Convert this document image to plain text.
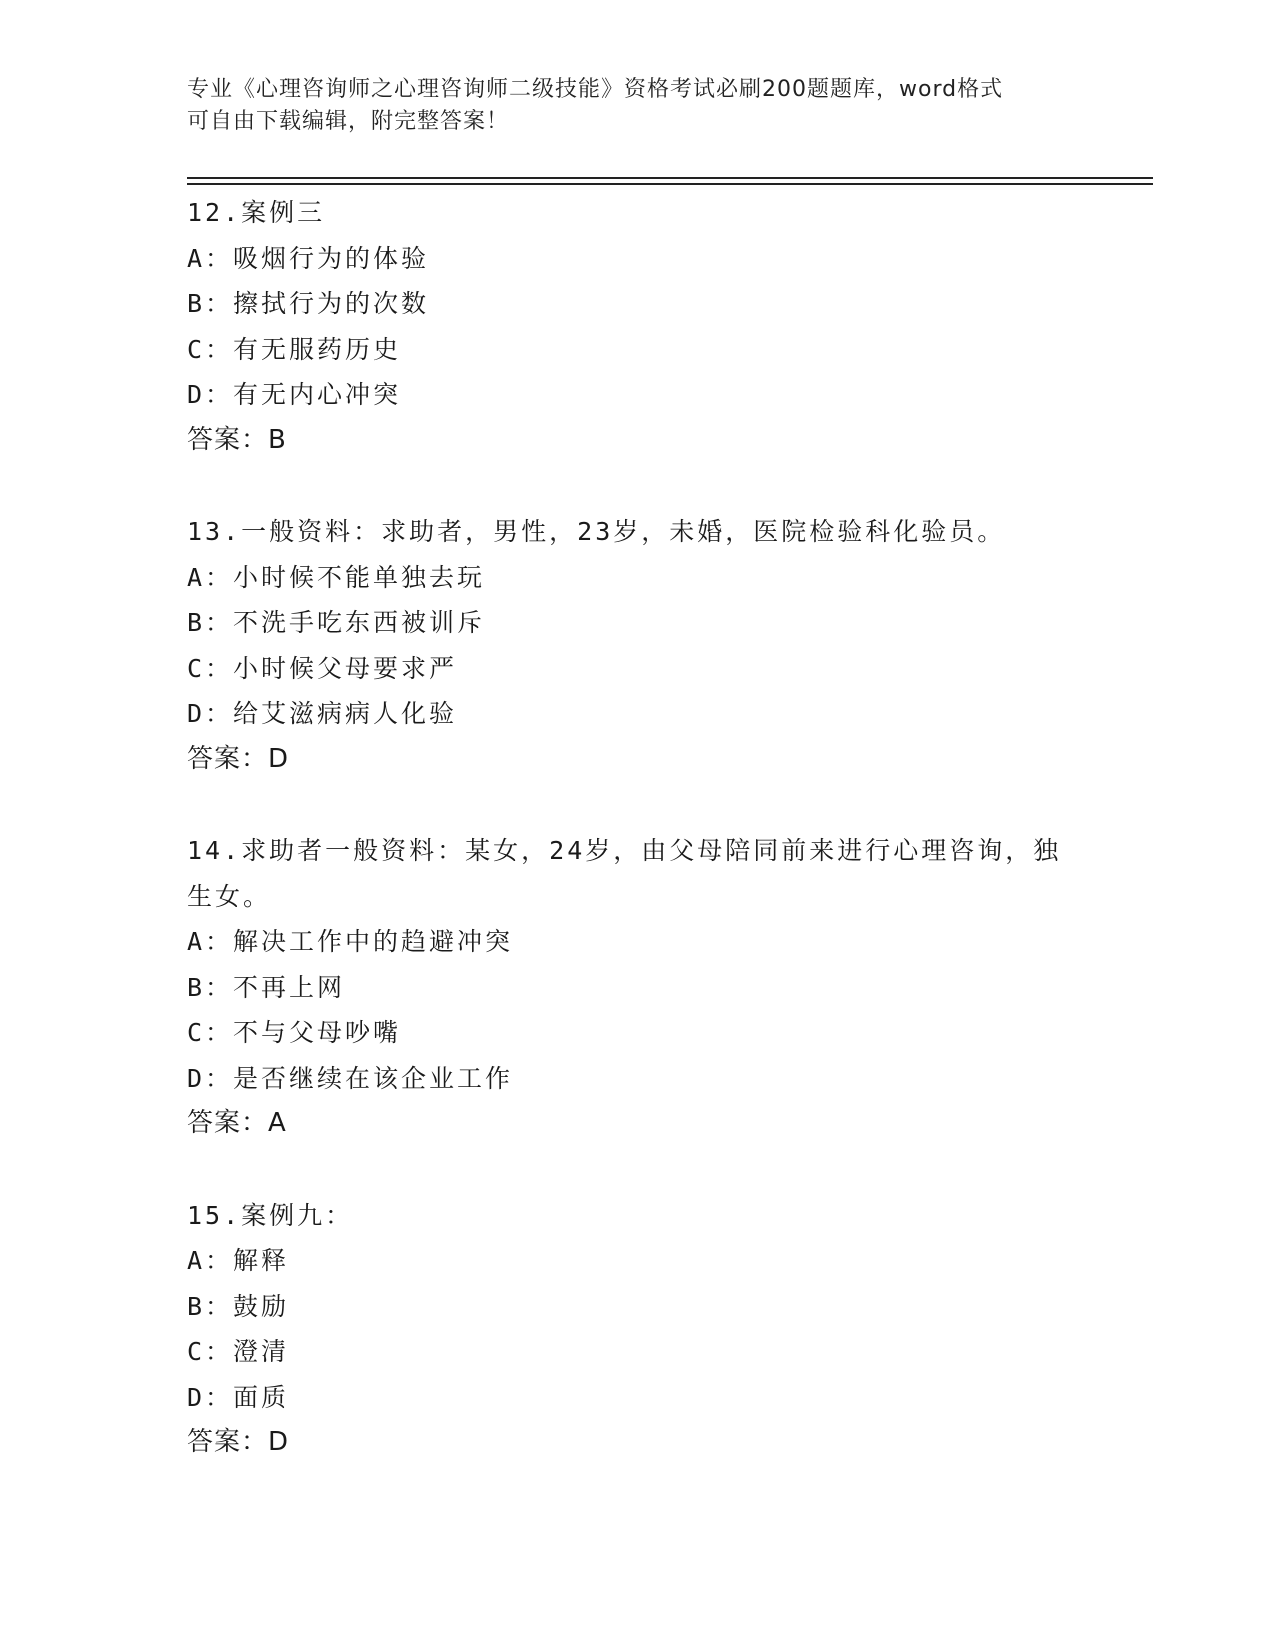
专业《心理咨询师之心理咨询师二级技能》资格考试必刷200题题库，word格式
可自由下载编辑，附完整答案！
12.案例三
A：吸烟行为的体验
B：擦拭行为的次数
C：有无服药历史
D：有无内心冲突
答案：B
13.一般资料：求助者，男性，23岁，未婚，医院检验科化验员。
A：小时候不能单独去玩
B：不洗手吃东西被训斥
C：小时候父母要求严
D：给艾滋病病人化验
答案：D
14.求助者一般资料：某女，24岁，由父母陪同前来进行心理咨询，独
生女。
A：解决工作中的趋避冲突
B：不再上网
C：不与父母吵嘴
D：是否继续在该企业工作
答案：A
15.案例九：
A：解释
B：鼓励
C：澄清
D：面质
答案：D
